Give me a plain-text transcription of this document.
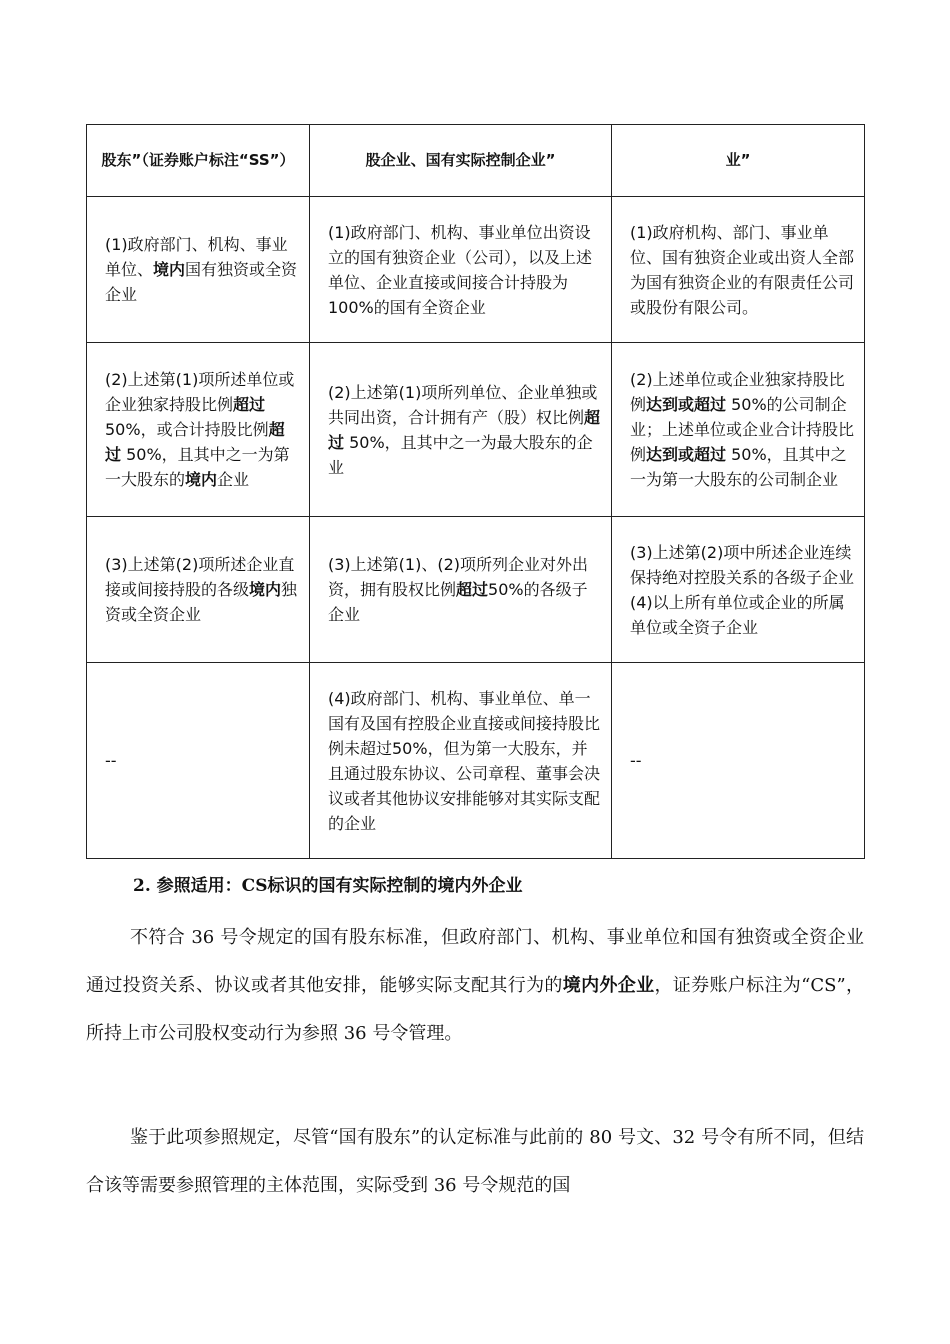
股东”（证券账户标注“SS”）	股企业、国有实际控制企业”	业”

(1)政府部门、机构、事业单位、境内国有独资或全资企业	(1)政府部门、机构、事业单位出资设立的国有独资企业（公司），以及上述单位、企业直接或间接合计持股为100%的国有全资企业	(1)政府机构、部门、事业单位、国有独资企业或出资人全部为国有独资企业的有限责任公司或股份有限公司。

(2)上述第(1)项所述单位或企业独家持股比例超过 50%，或合计持股比例超过 50%，且其中之一为第一大股东的境内企业	(2)上述第(1)项所列单位、企业单独或共同出资，合计拥有产（股）权比例超过 50%，且其中之一为最大股东的企业	(2)上述单位或企业独家持股比例达到或超过 50%的公司制企业；上述单位或企业合计持股比例达到或超过 50%，且其中之一为第一大股东的公司制企业

(3)上述第(2)项所述企业直接或间接持股的各级境内独资或全资企业	(3)上述第(1)、(2)项所列企业对外出资，拥有股权比例超过50%的各级子企业	(3)上述第(2)项中所述企业连续保持绝对控股关系的各级子企业
(4)以上所有单位或企业的所属单位或全资子企业

--	(4)政府部门、机构、事业单位、单一国有及国有控股企业直接或间接持股比例未超过50%，但为第一大股东，并且通过股东协议、公司章程、董事会决议或者其他协议安排能够对其实际支配的企业	--
2. 参照适用：CS标识的国有实际控制的境内外企业

不符合 36 号令规定的国有股东标准，但政府部门、机构、事业单位和国有独资或全资企业通过投资关系、协议或者其他安排，能够实际支配其行为的境内外企业，证券账户标注为“CS”，所持上市公司股权变动行为参照 36 号令管理。

鉴于此项参照规定，尽管“国有股东”的认定标准与此前的 80 号文、32 号令有所不同，但结合该等需要参照管理的主体范围，实际受到 36 号令规范的国
